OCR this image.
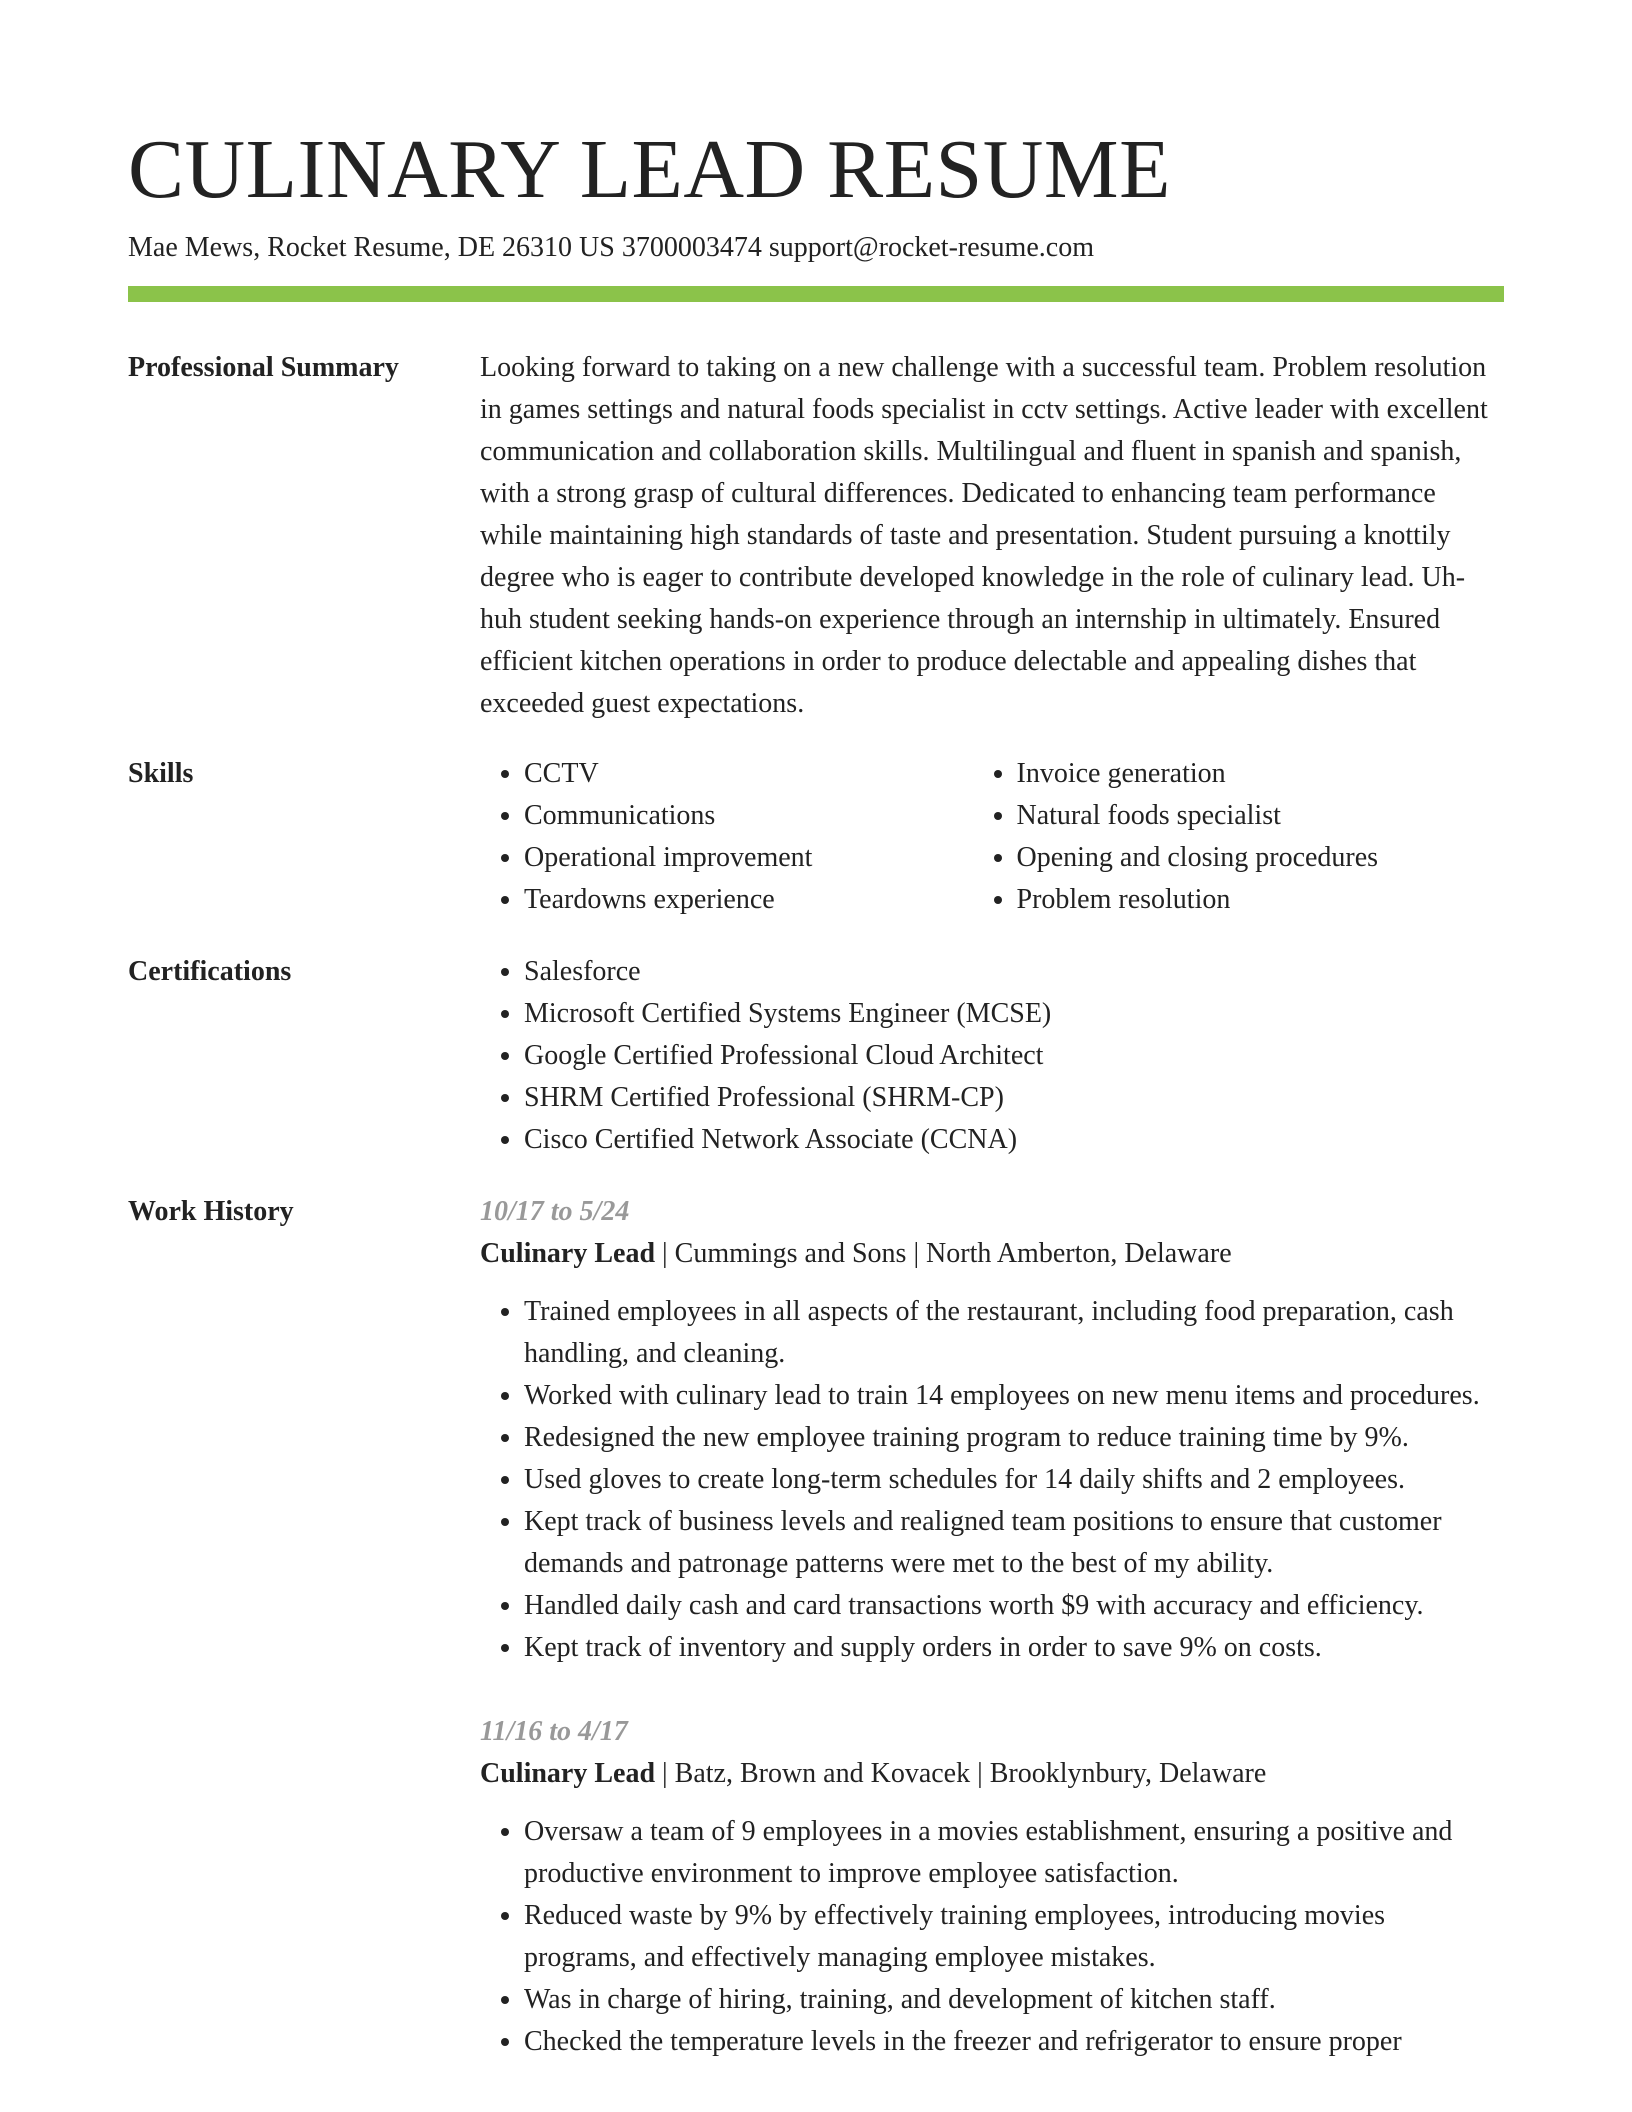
CULINARY LEAD RESUME
Mae Mews, Rocket Resume, DE 26310 US 3700003474 support@rocket-resume.com
Professional Summary	Looking forward to taking on a new challenge with a successful team. Problem resolution in games settings and natural foods specialist in cctv settings. Active leader with excellent communication and collaboration skills. Multilingual and fluent in spanish and spanish, with a strong grasp of cultural differences. Dedicated to enhancing team performance while maintaining high standards of taste and presentation. Student pursuing a knottily degree who is eager to contribute developed knowledge in the role of culinary lead. Uh-huh student seeking hands-on experience through an internship in ultimately. Ensured efficient kitchen operations in order to produce delectable and appealing dishes that exceeded guest expectations.

Skills	• CCTV
• Communications
• Operational improvement
• Teardowns experience
• Invoice generation
• Natural foods specialist
• Opening and closing procedures
• Problem resolution
Certifications	• Salesforce
• Microsoft Certified Systems Engineer (MCSE)
• Google Certified Professional Cloud Architect
• SHRM Certified Professional (SHRM-CP)
• Cisco Certified Network Associate (CCNA)
Work History	10/17 to 5/24
Culinary Lead | Cummings and Sons | North Amberton, Delaware
• Trained employees in all aspects of the restaurant, including food preparation, cash handling, and cleaning.
• Worked with culinary lead to train 14 employees on new menu items and procedures.
• Redesigned the new employee training program to reduce training time by 9%.
• Used gloves to create long-term schedules for 14 daily shifts and 2 employees.
• Kept track of business levels and realigned team positions to ensure that customer demands and patronage patterns were met to the best of my ability.
• Handled daily cash and card transactions worth $9 with accuracy and efficiency.
• Kept track of inventory and supply orders in order to save 9% on costs.
11/16 to 4/17
Culinary Lead | Batz, Brown and Kovacek | Brooklynbury, Delaware
• Oversaw a team of 9 employees in a movies establishment, ensuring a positive and productive environment to improve employee satisfaction.
• Reduced waste by 9% by effectively training employees, introducing movies programs, and effectively managing employee mistakes.
• Was in charge of hiring, training, and development of kitchen staff.
• Checked the temperature levels in the freezer and refrigerator to ensure proper
